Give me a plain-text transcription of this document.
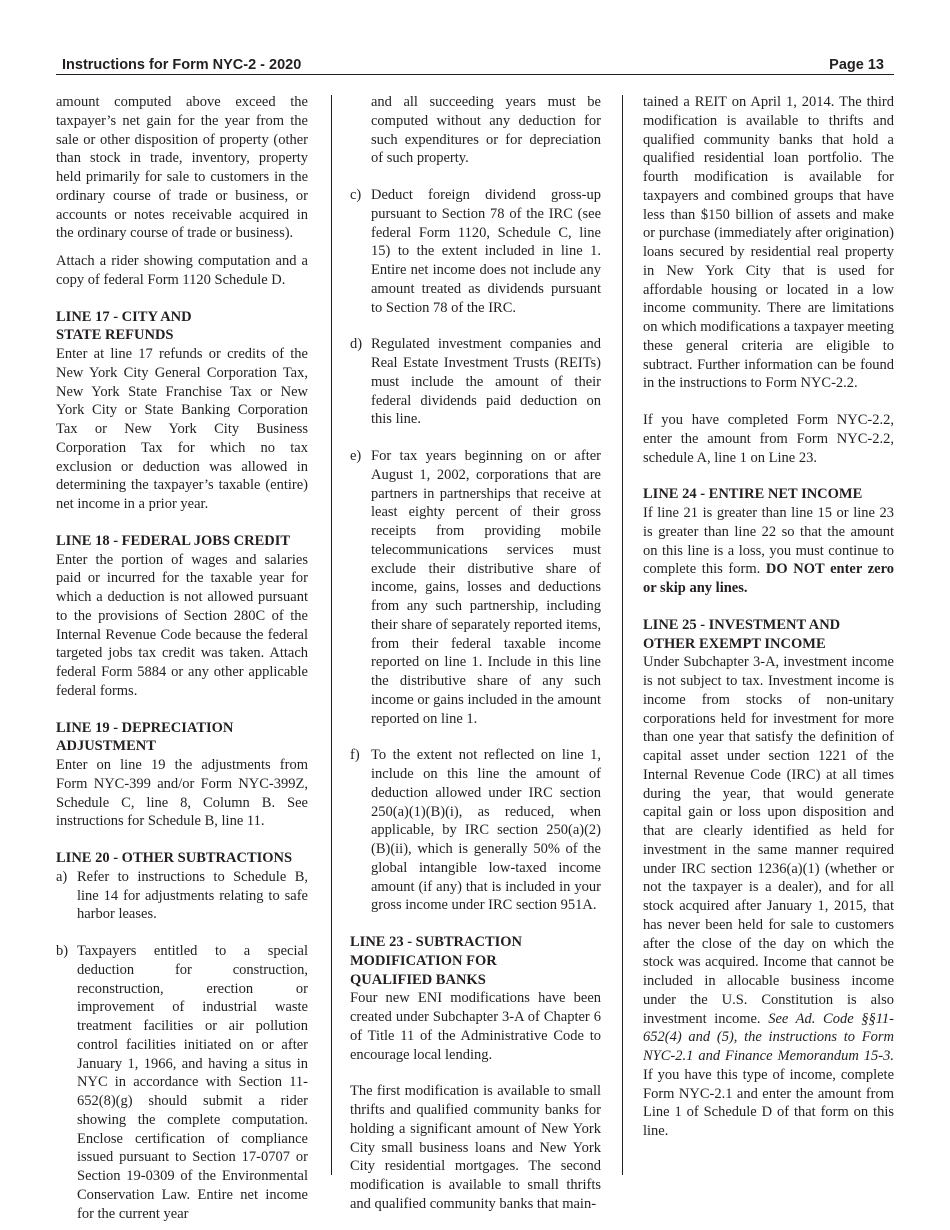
Instructions for Form NYC-2 - 2020	Page 13

amount computed above exceed the taxpayer’s net gain for the year from the sale or other disposition of property (other than stock in trade, inventory, property held primarily for sale to customers in the ordinary course of trade or business, or accounts or notes receivable acquired in the ordinary course of trade or business).

Attach a rider showing computation and a copy of federal Form 1120 Schedule D.

LINE 17 - CITY AND
STATE REFUNDS

Enter at line 17 refunds or credits of the New York City General Corporation Tax, New York State Franchise Tax or New York City or State Banking Corporation Tax or New York City Business Corporation Tax for which no tax exclusion or deduction was allowed in determining the taxpayer’s taxable (entire) net income in a prior year.

LINE 18 - FEDERAL JOBS CREDIT

Enter the portion of wages and salaries paid or incurred for the taxable year for which a deduction is not allowed pursuant to the provisions of Section 280C of the Internal Revenue Code because the federal targeted jobs tax credit was taken. Attach federal Form 5884 or any other applicable federal forms.

LINE 19 - DEPRECIATION
ADJUSTMENT

Enter on line 19 the adjustments from Form NYC-399 and/or Form NYC-399Z, Schedule C, line 8, Column B. See instructions for Schedule B, line 11.

LINE 20 - OTHER SUBTRACTIONS

a) Refer to instructions to Schedule B, line 14 for adjustments relating to safe harbor leases.

b) Taxpayers entitled to a special deduction for construction, reconstruction, erection or improvement of industrial waste treatment facilities or air pollution control facilities initiated on or after January 1, 1966, and having a situs in NYC in accordance with Section 11-652(8)(g) should submit a rider showing the complete computation. Enclose certification of compliance issued pursuant to Section 17-0707 or Section 19-0309 of the Environmental Conservation Law. Entire net income for the current year

and all succeeding years must be computed without any deduction for such expenditures or for depreciation of such property.

c) Deduct foreign dividend gross-up pursuant to Section 78 of the IRC (see federal Form 1120, Schedule C, line 15) to the extent included in line 1. Entire net income does not include any amount treated as dividends pursuant to Section 78 of the IRC.

d) Regulated investment companies and Real Estate Investment Trusts (REITs) must include the amount of their federal dividends paid deduction on this line.

e) For tax years beginning on or after August 1, 2002, corporations that are partners in partnerships that receive at least eighty percent of their gross receipts from providing mobile telecommunications services must exclude their distributive share of income, gains, losses and deductions from any such partnership, including their share of separately reported items, from their federal taxable income reported on line 1. Include in this line the distributive share of any such income or gains included in the amount reported on line 1.

f) To the extent not reflected on line 1, include on this line the amount of deduction allowed under IRC section 250(a)(1)(B)(i), as reduced, when applicable, by IRC section 250(a)(2)(B)(ii), which is generally 50% of the global intangible low-taxed income amount (if any) that is included in your gross income under IRC section 951A.

LINE 23 - SUBTRACTION
MODIFICATION FOR
QUALIFIED BANKS

Four new ENI modifications have been created under Subchapter 3-A of Chapter 6 of Title 11 of the Administrative Code to encourage local lending.

The first modification is available to small thrifts and qualified community banks for holding a significant amount of New York City small business loans and New York City residential mortgages. The second modification is available to small thrifts and qualified community banks that main-

tained a REIT on April 1, 2014. The third modification is available to thrifts and qualified community banks that hold a qualified residential loan portfolio. The fourth modification is available for taxpayers and combined groups that have less than $150 billion of assets and make or purchase (immediately after origination) loans secured by residential real property in New York City that is used for affordable housing or located in a low income community. There are limitations on which modifications a taxpayer meeting these general criteria are eligible to subtract. Further information can be found in the instructions to Form NYC-2.2.

If you have completed Form NYC-2.2, enter the amount from Form NYC-2.2, schedule A, line 1 on Line 23.

LINE 24 - ENTIRE NET INCOME

If line 21 is greater than line 15 or line 23 is greater than line 22 so that the amount on this line is a loss, you must continue to complete this form. DO NOT enter zero or skip any lines.

LINE 25 - INVESTMENT AND
OTHER EXEMPT INCOME

Under Subchapter 3-A, investment income is not subject to tax. Investment income is income from stocks of non-unitary corporations held for investment for more than one year that satisfy the definition of capital asset under section 1221 of the Internal Revenue Code (IRC) at all times during the year, that would generate capital gain or loss upon disposition and that are clearly identified as held for investment in the same manner required under IRC section 1236(a)(1) (whether or not the taxpayer is a dealer), and for all stock acquired after January 1, 2015, that has never been held for sale to customers after the close of the day on which the stock was acquired. Income that cannot be included in allocable business income under the U.S. Constitution is also investment income. See Ad. Code §§11-652(4) and (5), the instructions to Form NYC-2.1 and Finance Memorandum 15-3. If you have this type of income, complete Form NYC-2.1 and enter the amount from Line 1 of Schedule D of that form on this line.
